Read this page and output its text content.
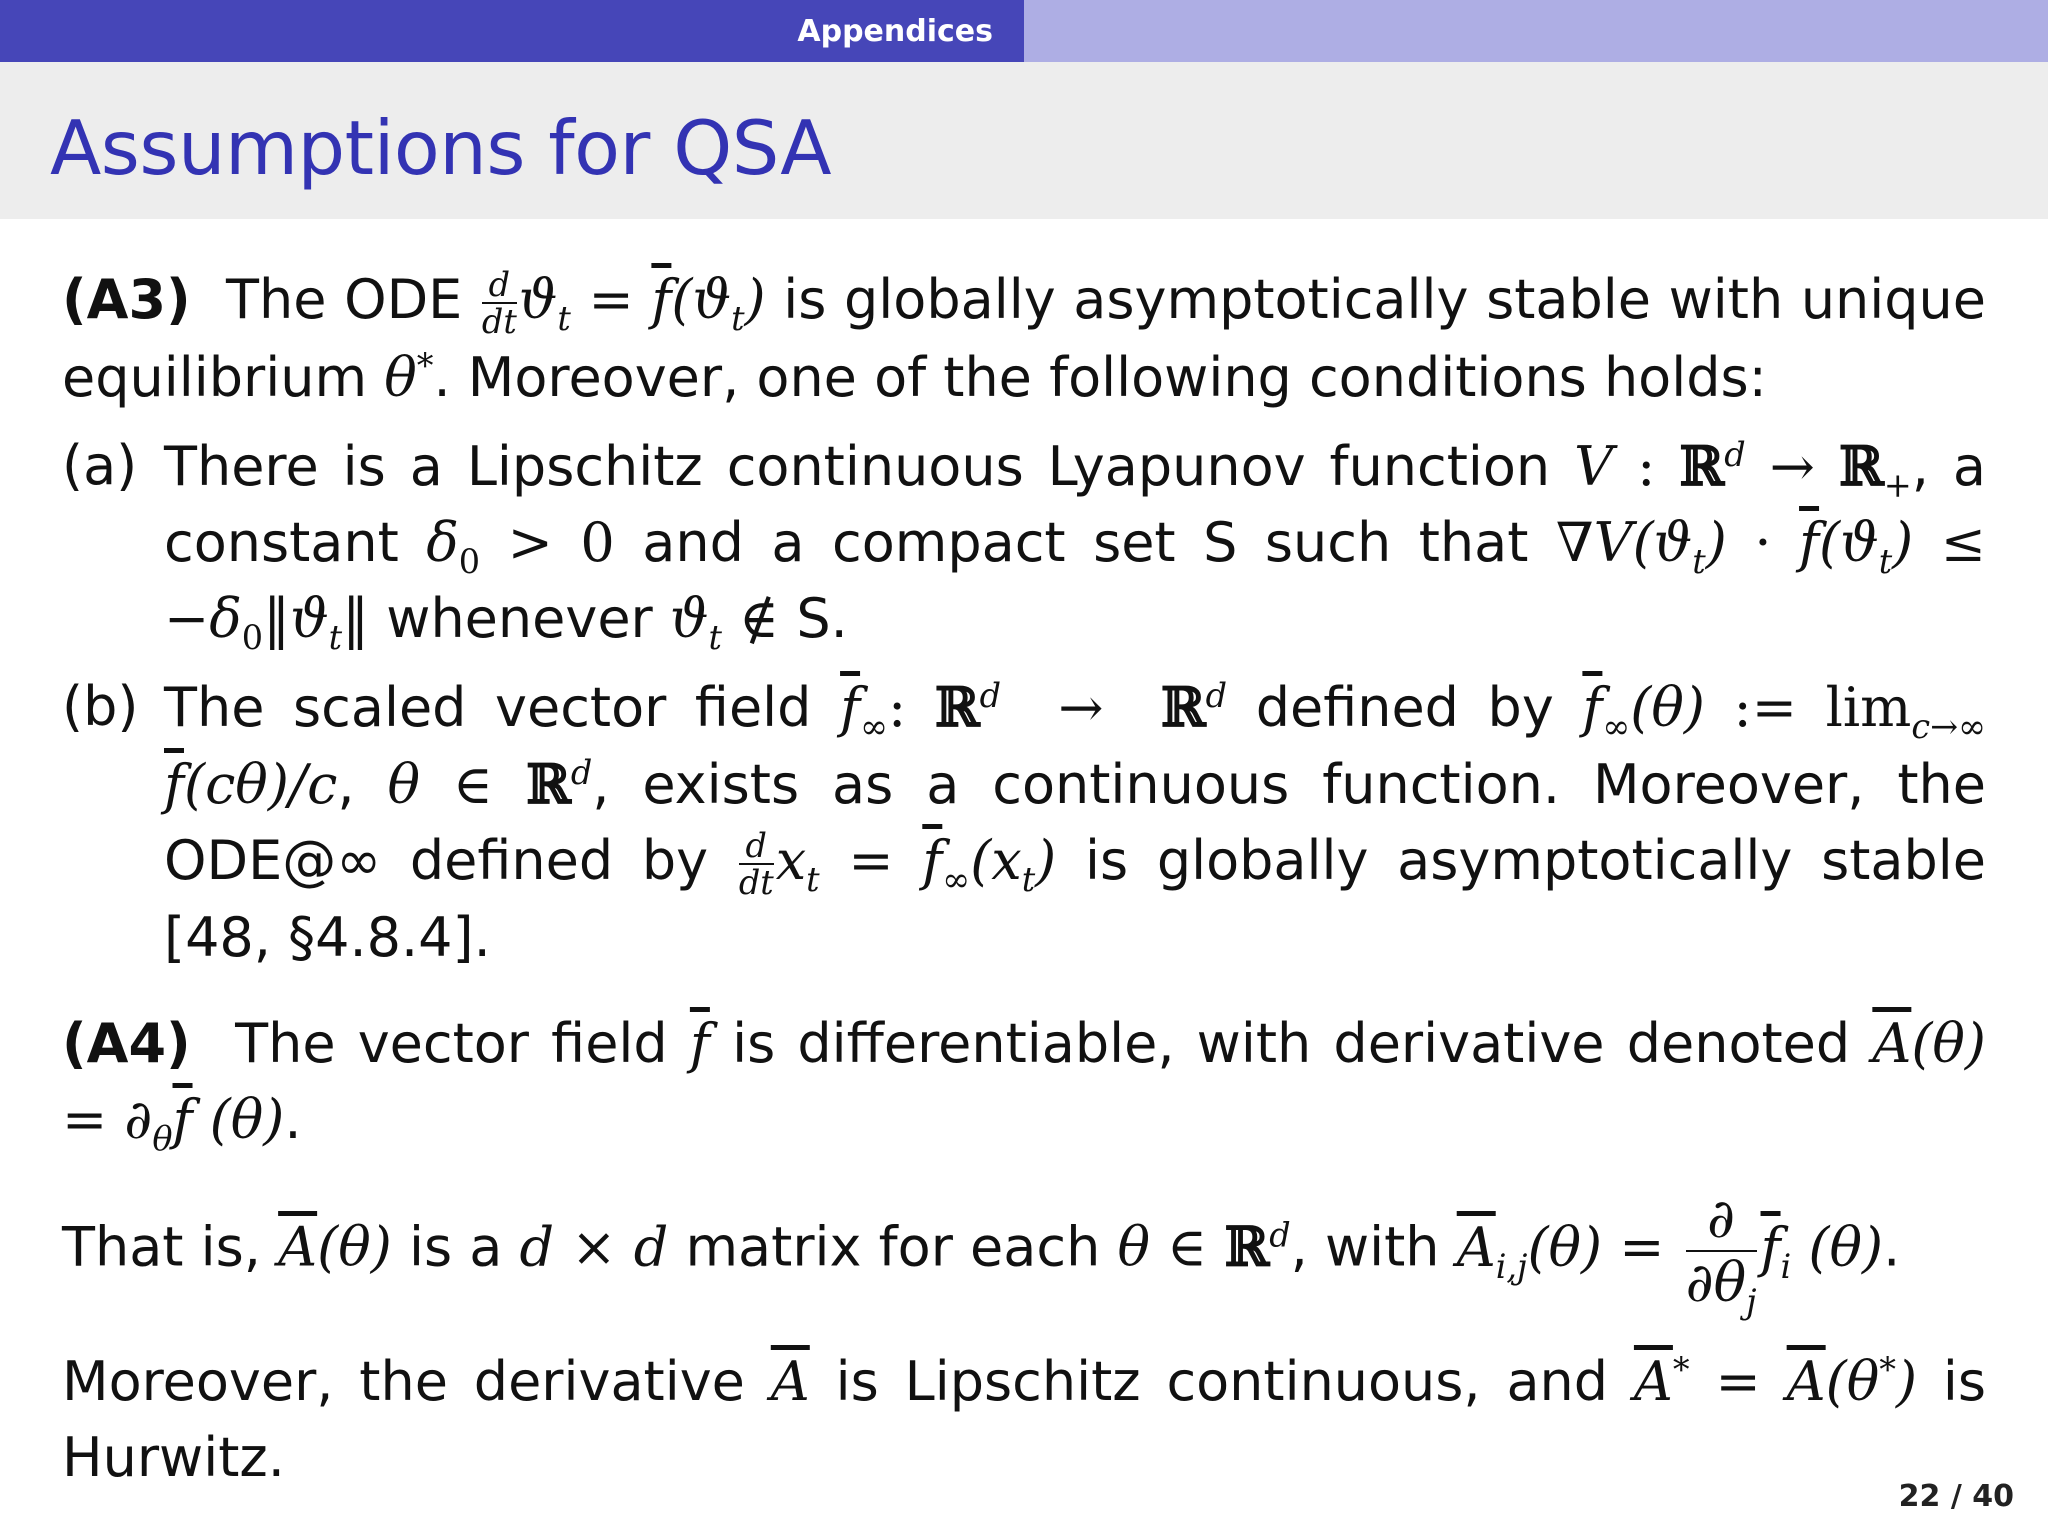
Appendices
Assumptions for QSA

(A3) The ODE $\frac{d}{dt} ϑ_t = \overline{f}(ϑ_t)$ is globally asymptotically stable with unique equilibrium θ*. Moreover, one of the following conditions holds:

(a) There is a Lipschitz continuous Lyapunov function V : ℝ$^d$ → ℝ$_+$, a constant $\delta_0 > 0$ and a compact set S such that $\nabla V(ϑ_t) \cdot \overline{f}(ϑ_t)$ ≤ $-\delta_0‖ϑ_t‖$ whenever $ϑ_t$ ∉ S.

(b) The scaled vector field $\overline{f}_\infty$: ℝ$^d$  →  ℝ$^d$ defined by $\overline{f}_\infty(\theta)$ := $\lim_{c\to\infty} \overline{f}(c\theta)/c$, θ ∈ ℝ$^d$, exists as a continuous function. Moreover, the ODE@∞ defined by $\frac{d}{dt} x_t = \overline{f}_\infty(x_t)$ is globally asymptotically stable [48, §4.8.4].

(A4) The vector field $\overline{f}$ is differentiable, with derivative denoted $\overline{A}(\theta) = \partial_\theta\overline{f}$ (θ).

That is, $\overline{A}(\theta)$ is a d × d matrix for each θ ∈ ℝ$^d$, with $\overline{A}_{i,j}(\theta)$ = ∂
$\partial\theta_j$
$\overline{f}_i$ (θ).

Moreover, the derivative $\overline{A}$ is Lipschitz continuous, and $\overline{A}^* = \overline{A}(\theta^*)$ is Hurwitz.

22 / 40
